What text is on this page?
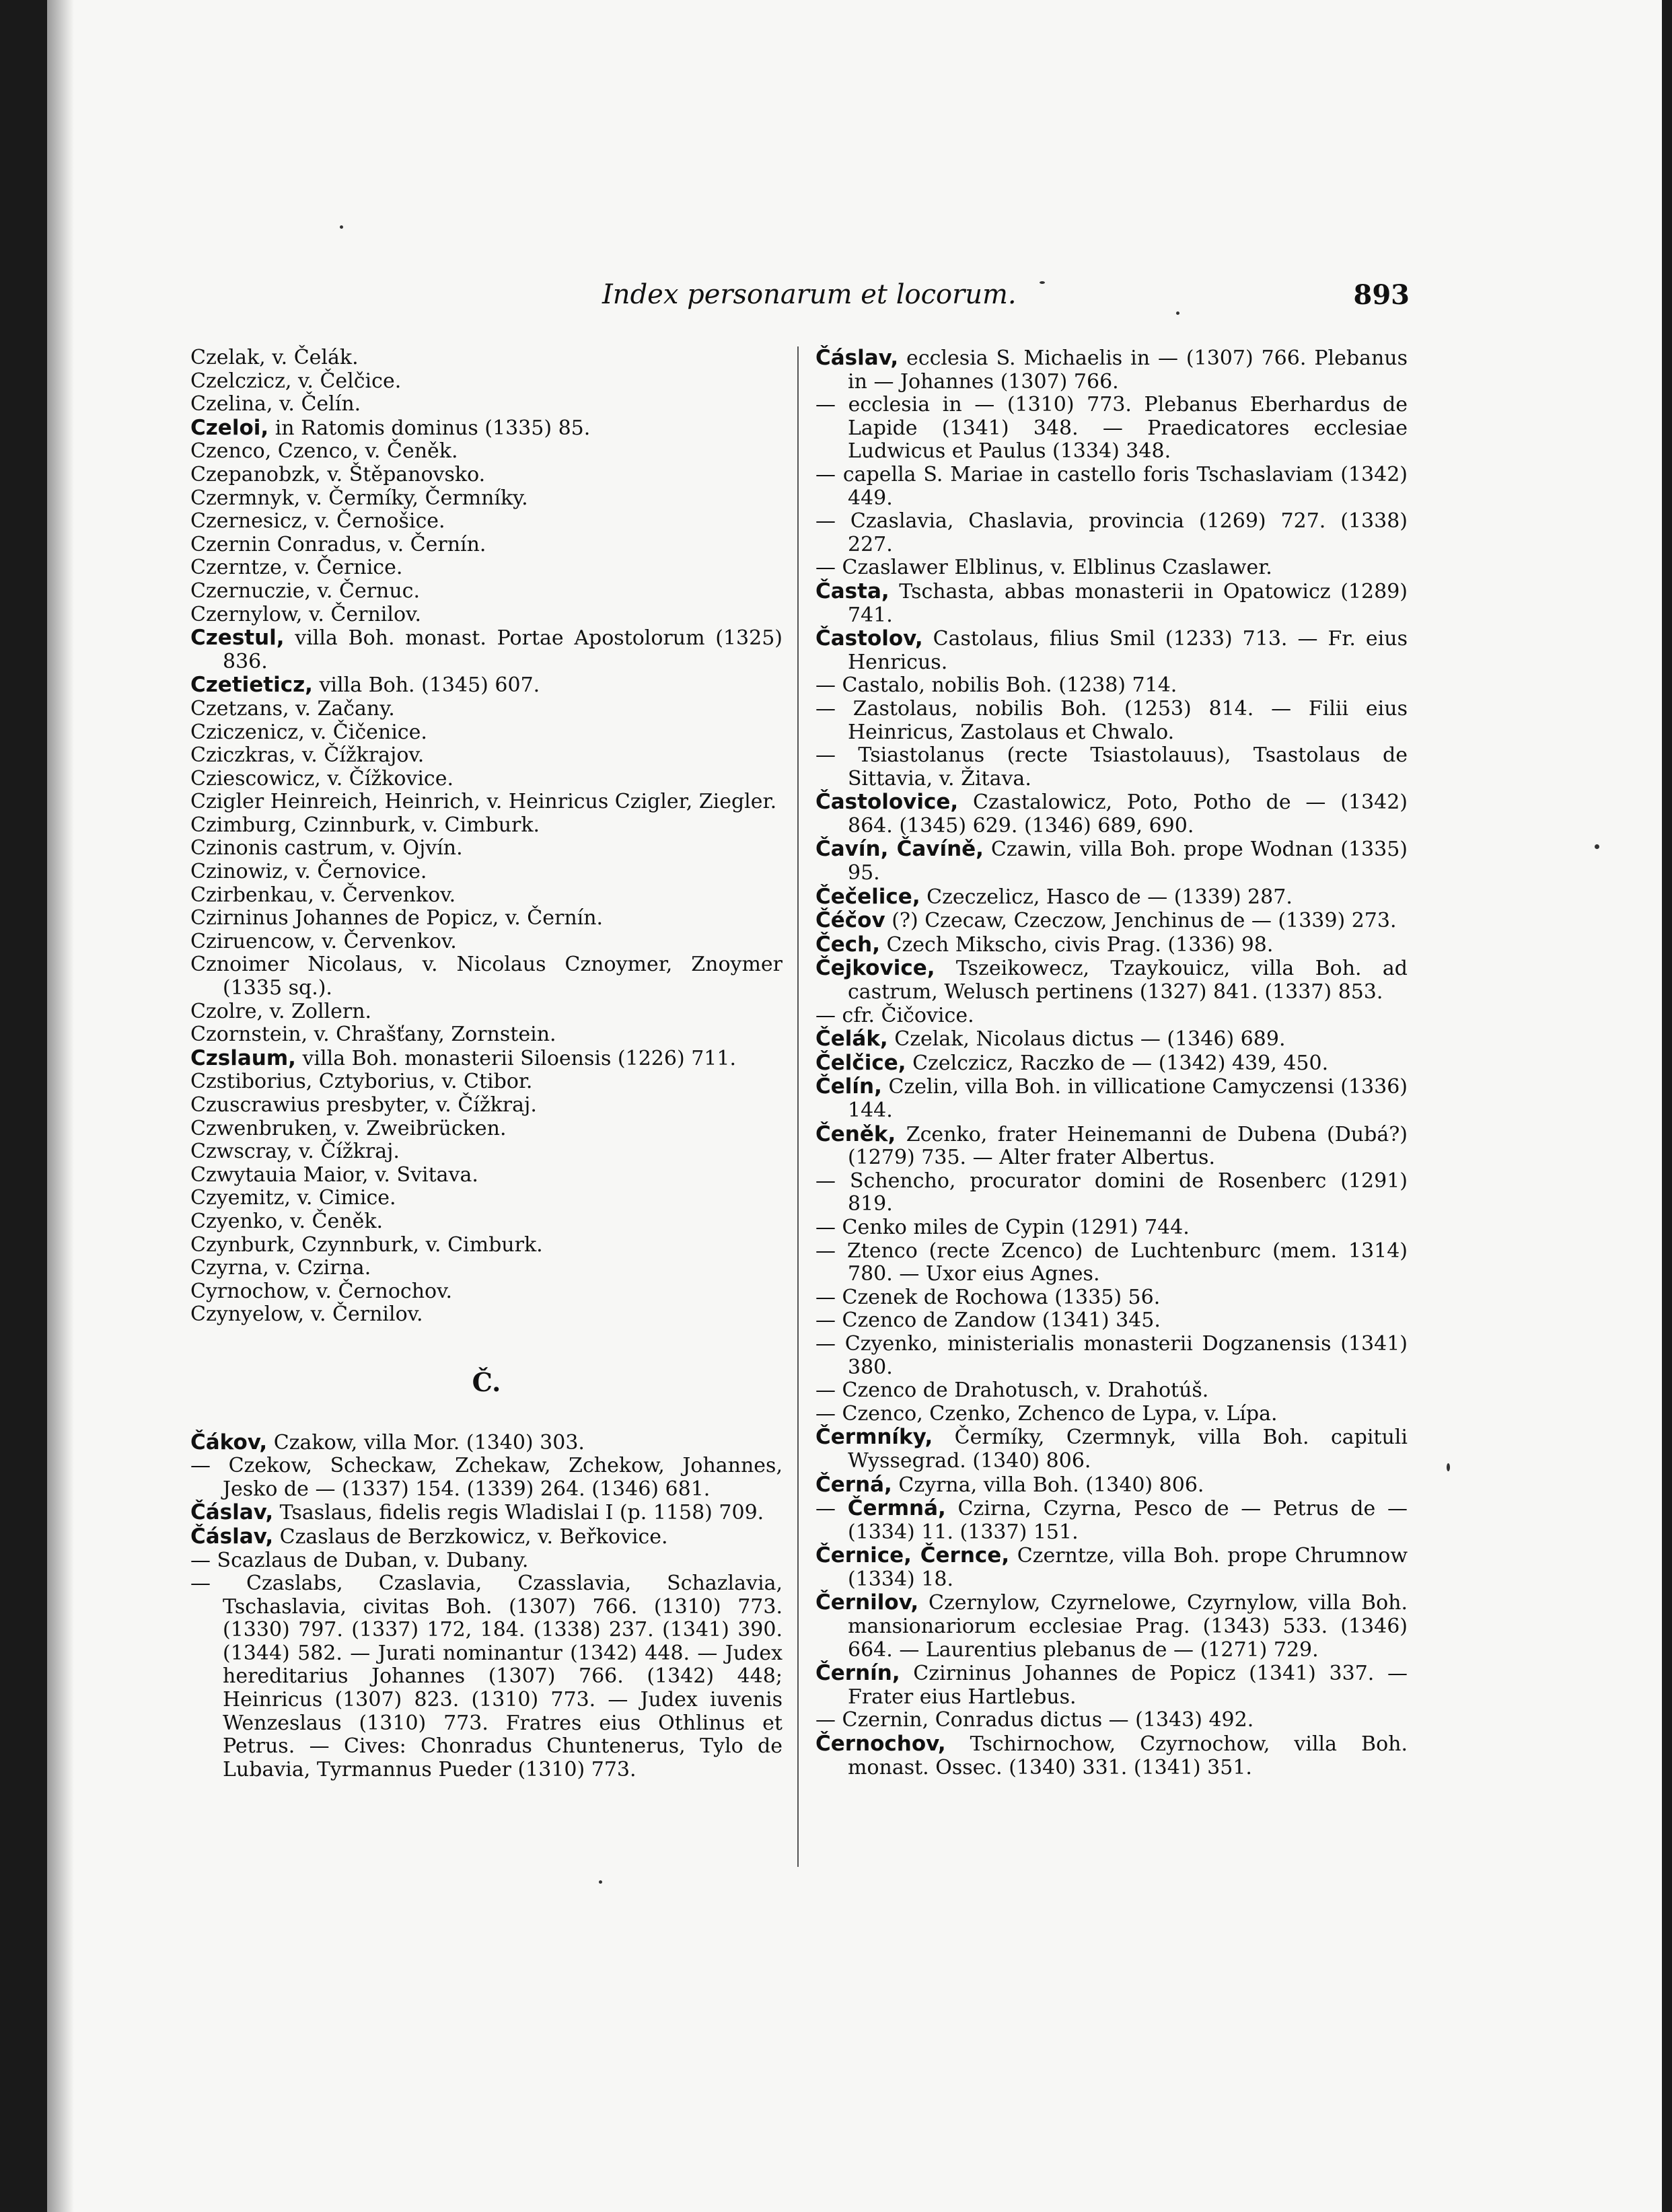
Index personarum et locorum.	893

Czelak, v. Čelák.

Czelczicz, v. Čelčice.

Czelina, v. Čelín.

Czeloi, in Ratomis dominus (1335) 85.

Czenco, Czenco, v. Čeněk.

Czepanobzk, v. Štěpanovsko.

Czermnyk, v. Čermíky, Čermníky.

Czernesicz, v. Černošice.

Czernin Conradus, v. Černín.

Czerntze, v. Černice.

Czernuczie, v. Černuc.

Czernylow, v. Černilov.

Czestul, villa Boh. monast. Portae Apostolorum (1325) 836.

Czetieticz, villa Boh. (1345) 607.

Czetzans, v. Začany.

Cziczenicz, v. Čičenice.

Cziczkras, v. Čížkrajov.

Cziescowicz, v. Čížkovice.

Czigler Heinreich, Heinrich, v. Heinricus Czigler, Ziegler.

Czimburg, Czinnburk, v. Cimburk.

Czinonis castrum, v. Ojvín.

Czinowiz, v. Černovice.

Czirbenkau, v. Červenkov.

Czirninus Johannes de Popicz, v. Černín.

Cziruencow, v. Červenkov.

Cznoimer Nicolaus, v. Nicolaus Cznoymer, Znoymer (1335 sq.).

Czolre, v. Zollern.

Czornstein, v. Chrašťany, Zornstein.

Czslaum, villa Boh. monasterii Siloensis (1226) 711.

Czstiborius, Cztyborius, v. Ctibor.

Czuscrawius presbyter, v. Čížkraj.

Czwenbruken, v. Zweibrücken.

Czwscray, v. Čížkraj.

Czwytauia Maior, v. Svitava.

Czyemitz, v. Cimice.

Czyenko, v. Čeněk.

Czynburk, Czynnburk, v. Cimburk.

Czyrna, v. Czirna.

Cyrnochow, v. Černochov.

Czynyelow, v. Černilov.

Č.

Čákov, Czakow, villa Mor. (1340) 303.

— Czekow, Scheckaw, Zchekaw, Zchekow, Johannes, Jesko de — (1337) 154. (1339) 264. (1346) 681.

Čáslav, Tsaslaus, fidelis regis Wladislai I (p. 1158) 709.

Čáslav, Czaslaus de Berzkowicz, v. Beřkovice.

— Scazlaus de Duban, v. Dubany.

— Czaslabs, Czaslavia, Czasslavia, Schazlavia, Tschaslavia, civitas Boh. (1307) 766. (1310) 773. (1330) 797. (1337) 172, 184. (1338) 237. (1341) 390. (1344) 582. — Jurati nominantur (1342) 448. — Judex hereditarius Johannes (1307) 766. (1342) 448; Heinricus (1307) 823. (1310) 773. — Judex iuvenis Wenzeslaus (1310) 773. Fratres eius Othlinus et Petrus. — Cives: Chonradus Chuntenerus, Tylo de Lubavia, Tyrmannus Pueder (1310) 773.

Čáslav, ecclesia S. Michaelis in — (1307) 766. Plebanus in — Johannes (1307) 766.

— ecclesia in — (1310) 773. Plebanus Eberhardus de Lapide (1341) 348. — Praedicatores ecclesiae Ludwicus et Paulus (1334) 348.

— capella S. Mariae in castello foris Tschaslaviam (1342) 449.

— Czaslavia, Chaslavia, provincia (1269) 727. (1338) 227.

— Czaslawer Elblinus, v. Elblinus Czaslawer.

Časta, Tschasta, abbas monasterii in Opatowicz (1289) 741.

Častolov, Castolaus, filius Smil (1233) 713. — Fr. eius Henricus.

— Castalo, nobilis Boh. (1238) 714.

— Zastolaus, nobilis Boh. (1253) 814. — Filii eius Heinricus, Zastolaus et Chwalo.

— Tsiastolanus (recte Tsiastolauus), Tsastolaus de Sittavia, v. Žitava.

Častolovice, Czastalowicz, Poto, Potho de — (1342) 864. (1345) 629. (1346) 689, 690.

Čavín, Čavíně, Czawin, villa Boh. prope Wodnan (1335) 95.

Čečelice, Czeczelicz, Hasco de — (1339) 287.

Čéčov (?) Czecaw, Czeczow, Jenchinus de — (1339) 273.

Čech, Czech Mikscho, civis Prag. (1336) 98.

Čejkovice, Tszeikowecz, Tzaykouicz, villa Boh. ad castrum, Welusch pertinens (1327) 841. (1337) 853.

— cfr. Čičovice.

Čelák, Czelak, Nicolaus dictus — (1346) 689.

Čelčice, Czelczicz, Raczko de — (1342) 439, 450.

Čelín, Czelin, villa Boh. in villicatione Camyczensi (1336) 144.

Čeněk, Zcenko, frater Heinemanni de Dubena (Dubá?) (1279) 735. — Alter frater Albertus.

— Schencho, procurator domini de Rosenberc (1291) 819.

— Cenko miles de Cypin (1291) 744.

— Ztenco (recte Zcenco) de Luchtenburc (mem. 1314) 780. — Uxor eius Agnes.

— Czenek de Rochowa (1335) 56.

— Czenco de Zandow (1341) 345.

— Czyenko, ministerialis monasterii Dogzanensis (1341) 380.

— Czenco de Drahotusch, v. Drahotúš.

— Czenco, Czenko, Zchenco de Lypa, v. Lípa.

Čermníky, Čermíky, Czermnyk, villa Boh. capituli Wyssegrad. (1340) 806.

Černá, Czyrna, villa Boh. (1340) 806.

— Čermná, Czirna, Czyrna, Pesco de — Petrus de — (1334) 11. (1337) 151.

Černice, Černce, Czerntze, villa Boh. prope Chrumnow (1334) 18.

Černilov, Czernylow, Czyrnelowe, Czyrnylow, villa Boh. mansionariorum ecclesiae Prag. (1343) 533. (1346) 664. — Laurentius plebanus de — (1271) 729.

Černín, Czirninus Johannes de Popicz (1341) 337. — Frater eius Hartlebus.

— Czernin, Conradus dictus — (1343) 492.

Černochov, Tschirnochow, Czyrnochow, villa Boh. monast. Ossec. (1340) 331. (1341) 351.
